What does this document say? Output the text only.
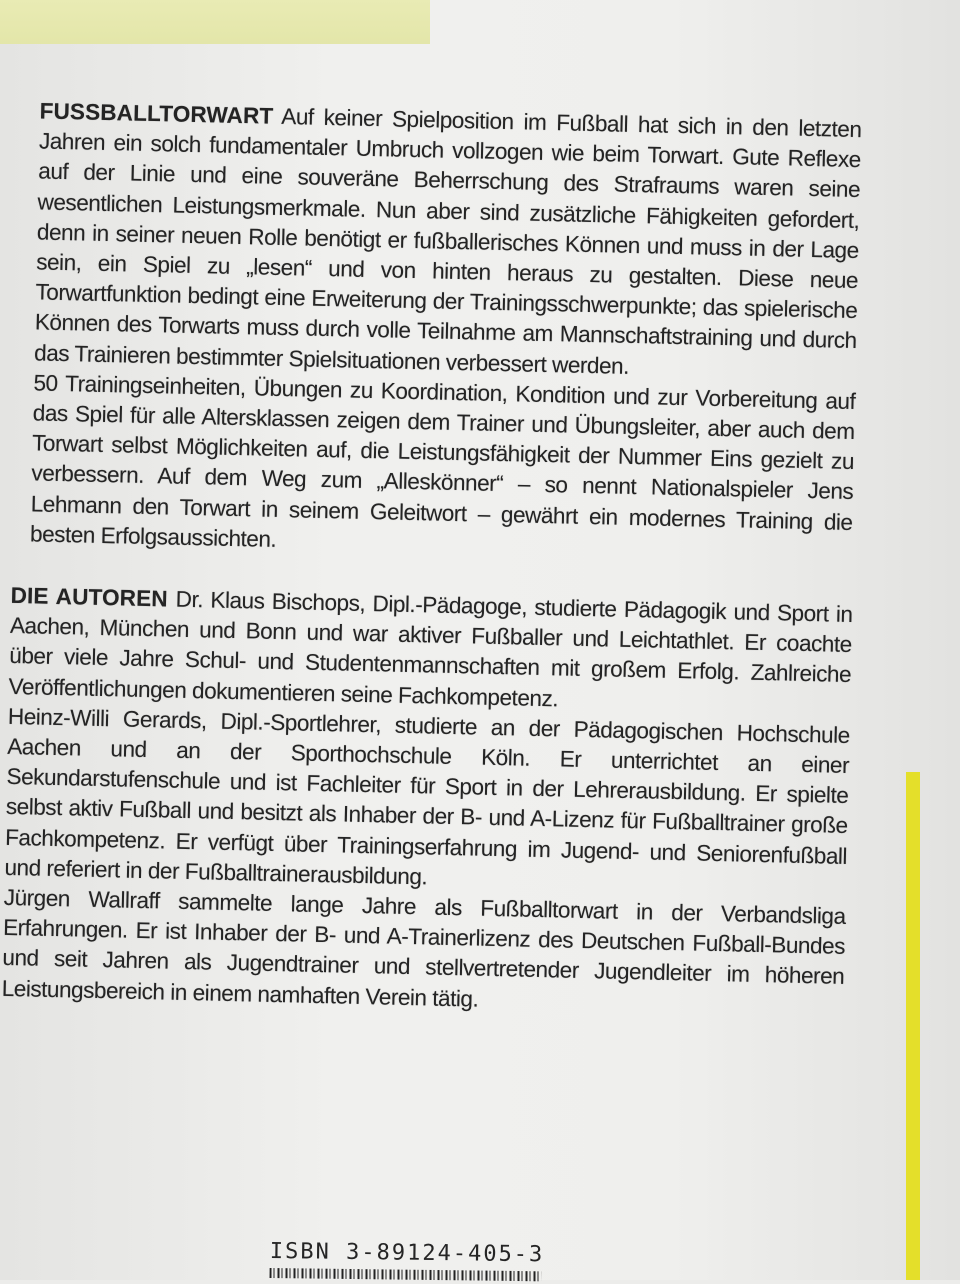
FUSSBALLTORWART Auf keiner Spielposition im Fußball hat sich in den letzten Jahren ein solch fundamentaler Umbruch vollzogen wie beim Torwart. Gute Reflexe auf der Linie und eine souveräne Beherrschung des Strafraums waren seine wesentlichen Leistungsmerkmale. Nun aber sind zusätzliche Fähigkeiten gefordert, denn in seiner neuen Rolle benötigt er fußballerisches Können und muss in der Lage sein, ein Spiel zu „lesen“ und von hinten heraus zu gestalten. Diese neue Torwartfunktion bedingt eine Erweiterung der Trainingsschwerpunkte; das spielerische Können des Torwarts muss durch volle Teilnahme am Mannschaftstraining und durch das Trainieren bestimmter Spielsituationen verbessert werden.
50 Trainingseinheiten, Übungen zu Koordination, Kondition und zur Vorbereitung auf das Spiel für alle Altersklassen zeigen dem Trainer und Übungsleiter, aber auch dem Torwart selbst Möglichkeiten auf, die Leistungsfähigkeit der Nummer Eins gezielt zu verbessern. Auf dem Weg zum „Alleskönner“ – so nennt Nationalspieler Jens Lehmann den Torwart in seinem Geleitwort – gewährt ein modernes Training die besten Erfolgsaussichten.

DIE AUTOREN Dr. Klaus Bischops, Dipl.-Pädagoge, studierte Pädagogik und Sport in Aachen, München und Bonn und war aktiver Fußballer und Leichtathlet. Er coachte über viele Jahre Schul- und Studentenmannschaften mit großem Erfolg. Zahlreiche Veröffentlichungen dokumentieren seine Fachkompetenz.
Heinz-Willi Gerards, Dipl.-Sportlehrer, studierte an der Pädagogischen Hochschule Aachen und an der Sporthochschule Köln. Er unterrichtet an einer Sekundarstufenschule und ist Fachleiter für Sport in der Lehrerausbildung. Er spielte selbst aktiv Fußball und besitzt als Inhaber der B- und A-Lizenz für Fußballtrainer große Fachkompetenz. Er verfügt über Trainingserfahrung im Jugend- und Seniorenfußball und referiert in der Fußballtrainerausbildung.
Jürgen Wallraff sammelte lange Jahre als Fußballtorwart in der Verbandsliga Erfahrungen. Er ist Inhaber der B- und A-Trainerlizenz des Deutschen Fußball-Bundes und seit Jahren als Jugendtrainer und stellvertretender Jugendleiter im höheren Leistungsbereich in einem namhaften Verein tätig.

ISBN 3-89124-405-3
